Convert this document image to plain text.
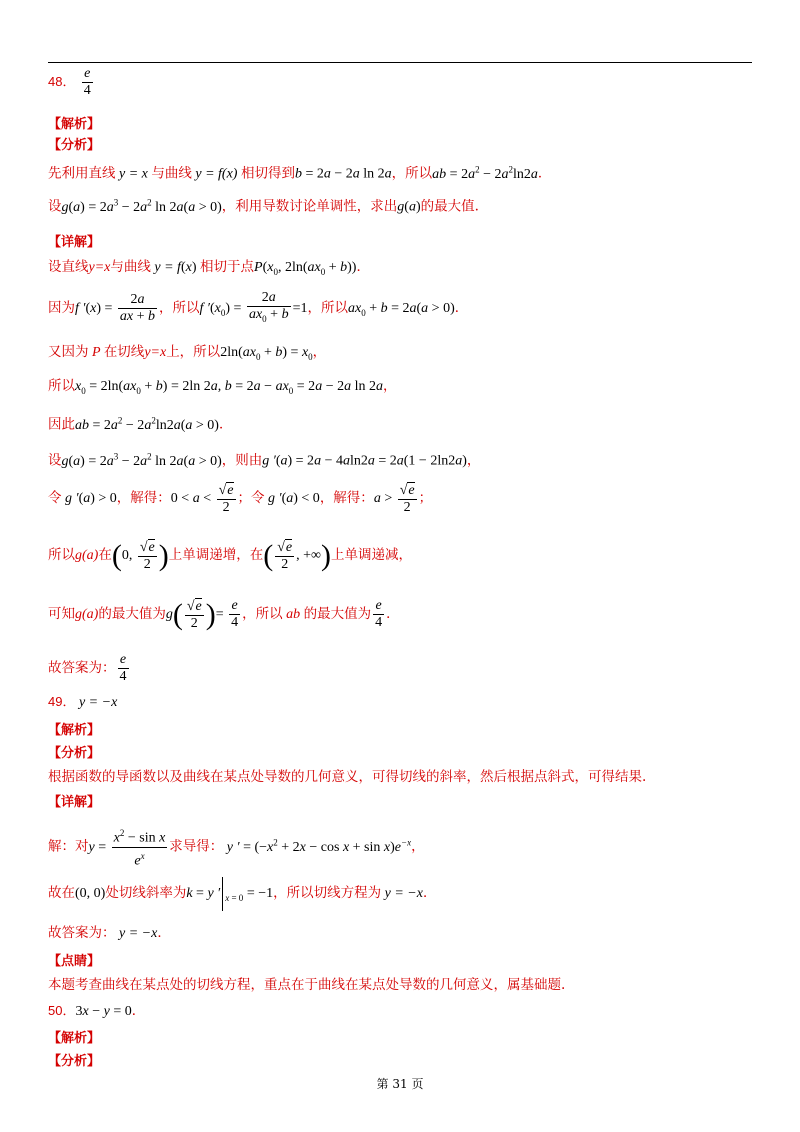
48． $\frac{e}{4}$
【解析】
【分析】
先利用直线 y = x 与曲线 y = f(x) 相切得到b = 2a − 2a ln 2a，所以ab = $2a^2 - 2a^2\ln 2a$．
设$g(a) = 2a^3 - 2a^2$ ln 2a(a > 0)，利用导数讨论单调性，求出g(a)的最大值.
【详解】
设直线y=x与曲线 y = f(x) 相切于点$P(x_0$, $2\ln(ax_0 + b)$)．
因为f $'(x) = \frac{2a}{ax + b}$ ，所以f $'(x_0) = \frac{2a}{ax_0 + b} =1$，所以$ax_0 + b = 2a(a > 0)$．
又因为 P 在切线y=x上，所以$2\ln(ax_0 + b) = x_0$，
所以$x_0 = 2\ln(ax_0 + b) = 2\ln$ 2a, $b = 2a - ax_0 = 2a - 2a$ ln 2a，
因此ab = $2a^2 - 2a^2\ln 2a(a > 0)$．
设$g(a) = 2a^3 - 2a^2$ ln 2a(a > 0)，则由g ′(a) = 2a − 4aln2a = 2a(1 − 2ln2a)，
令 g ′(a) > 0，解得：$0 < a < \frac{√e}{2}$ ；令 g ′(a) < 0，解得：$a > \frac{√e}{2}$ ；
所以g(a)在(0, $\frac{√e}{2}$ )上单调递增，在( $\frac{√e}{2}$ , +∞)上单调递减，
可知g(a)的最大值为$g( \frac{√e}{2}$ )= $\frac{e}{4}$ ，所以 ab 的最大值为 $\frac{e}{4}$ ．
故答案为： $\frac{e}{4}$
49． y = −x
【解析】
【分析】
根据函数的导函数以及曲线在某点处导数的几何意义，可得切线的斜率，然后根据点斜式，可得结果.
【详解】
解：对$y = \frac{x^2 - \sin x}{e^x}$ 求导得： y ′ = $(-x^2 + 2x - \cos x + \sin x)e^{-x}$，
故在(0, 0)处切线斜率为k = y ′ $_{x = 0}$ = −1，所以切线方程为 y = −x．
故答案为： y = −x．
【点睛】
本题考查曲线在某点处的切线方程，重点在于曲线在某点处导数的几何意义，属基础题.
50．3x − y = 0．
【解析】
【分析】
第 31 页
